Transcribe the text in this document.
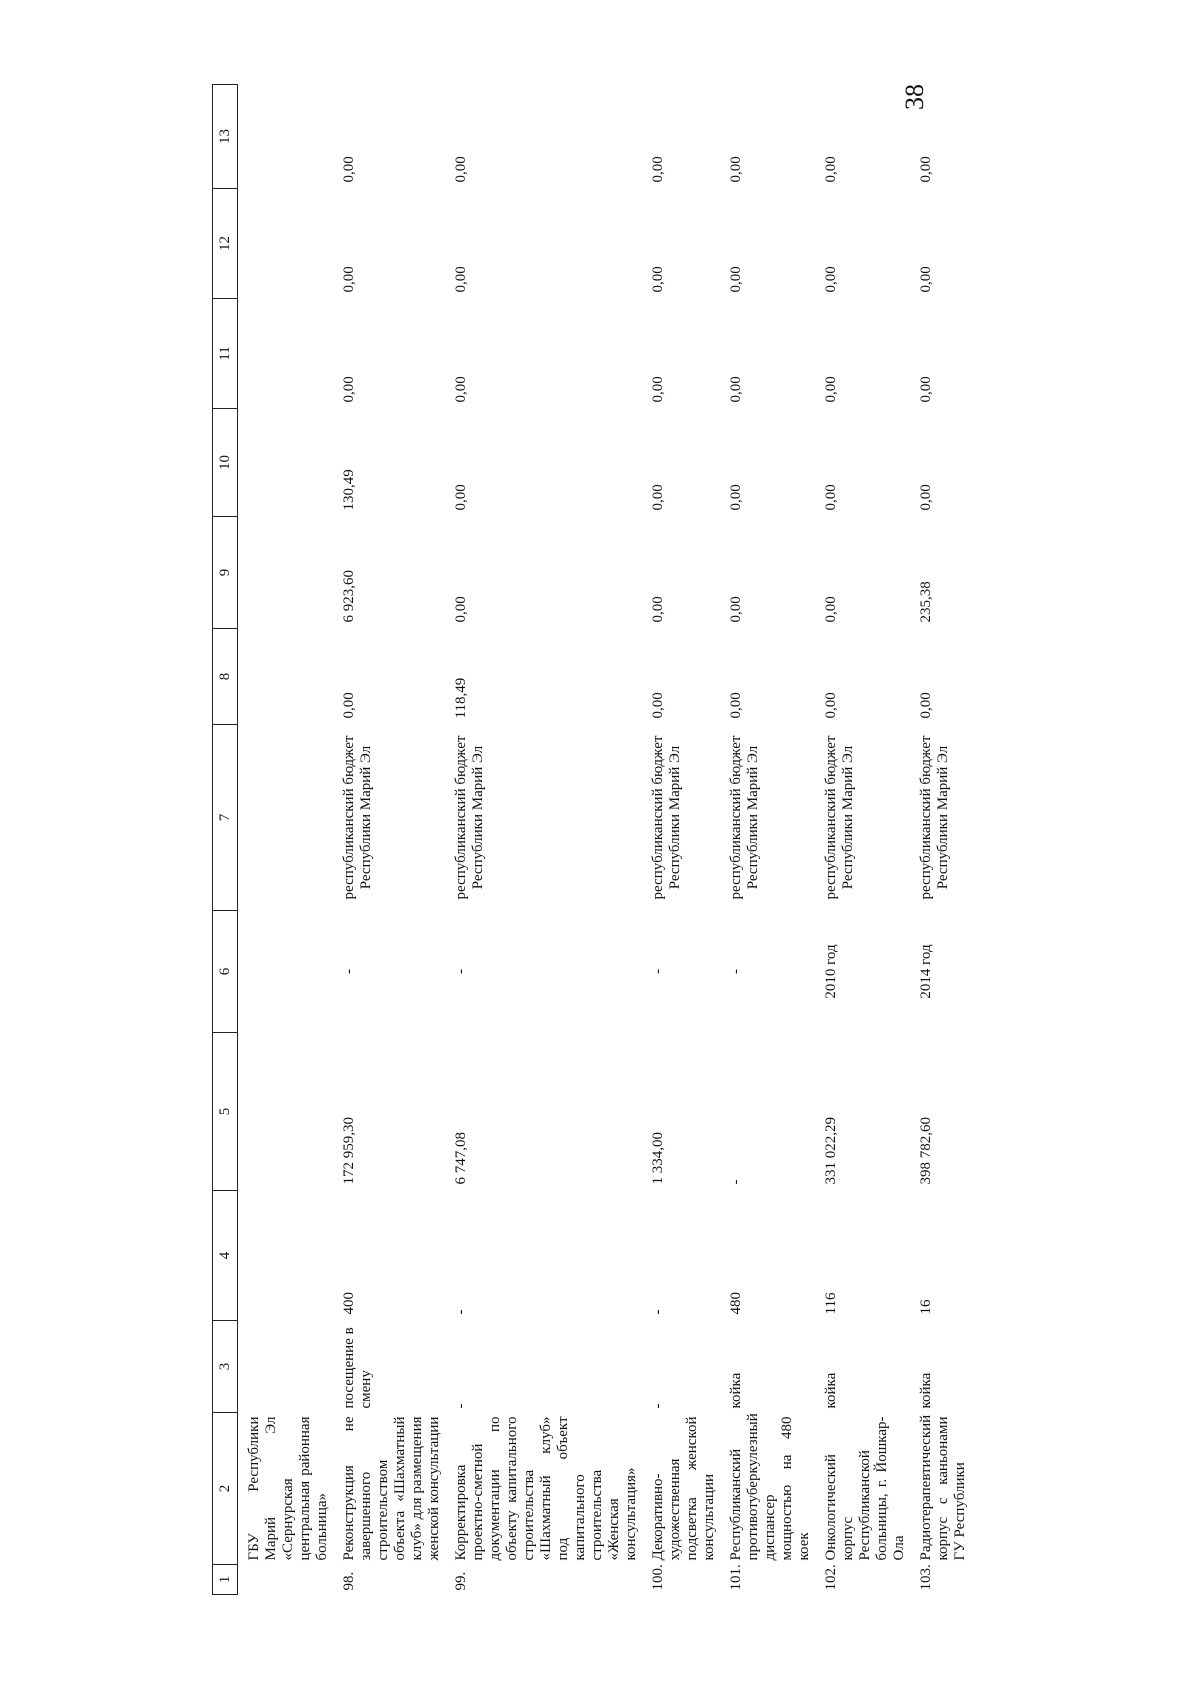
38
1	2	3	4	5	6	7	8	9	10	11	12	13
	ГБУ Республики Марий Эл «Сернурская центральная районная больница»											
98.	Реконструкция не завершенного строительством объекта «Шахматный клуб» для размещения женской консультации	посещение в смену	400	172 959,30	-	республиканский бюджет Республики Марий Эл	0,00	6 923,60	130,49	0,00	0,00	0,00
99.	Корректировка проектно-сметной документации по объекту капитального строительства «Шахматный клуб» под объект капитального строительства «Женская консультация»	-	-	6 747,08	-	республиканский бюджет Республики Марий Эл	118,49	0,00	0,00	0,00	0,00	0,00
100.	Декоративно-художественная подсветка женской консультации	-	-	1 334,00	-	республиканский бюджет Республики Марий Эл	0,00	0,00	0,00	0,00	0,00	0,00
101.	Республиканский противотуберкулезный диспансер мощностью на 480 коек	койка	480	-	-	республиканский бюджет Республики Марий Эл	0,00	0,00	0,00	0,00	0,00	0,00
102.	Онкологический корпус Республиканской больницы, г. Йошкар-Ола	койка	116	331 022,29	2010 год	республиканский бюджет Республики Марий Эл	0,00	0,00	0,00	0,00	0,00	0,00
103.	Радиотерапевтический корпус с каньонами ГУ Республики	койка	16	398 782,60	2014 год	республиканский бюджет Республики Марий Эл	0,00	235,38	0,00	0,00	0,00	0,00
